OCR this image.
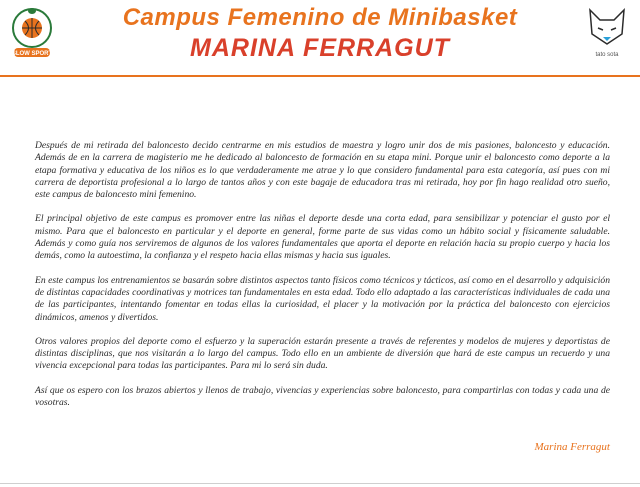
SLOW SPORT
Campus Femenino de Minibasket
MARINA FERRAGUT	tato sota

Después de mi retirada del baloncesto decido centrarme en mis estudios de maestra y logro unir dos de mis pasiones, baloncesto y educación. Además de en la carrera de magisterio me he dedicado al baloncesto de formación en su etapa mini. Porque unir el baloncesto como deporte a la etapa formativa y educativa de los niños es lo que verdaderamente me atrae y lo que considero fundamental para esta categoría, así pues con mi carrera de deportista profesional a lo largo de tantos años y con este bagaje de educadora tras mi retirada, hoy por fin hago realidad otro sueño, este campus de baloncesto mini femenino.

El principal objetivo de este campus es promover entre las niñas el deporte desde una corta edad, para sensibilizar y potenciar el gusto por el mismo. Para que el baloncesto en particular y el deporte en general, forme parte de sus vidas como un hábito social y físicamente saludable. Además y como guía nos serviremos de algunos de los valores fundamentales que aporta el deporte en relación hacia su propio cuerpo y hacia los demás, como la autoestima, la confianza y el respeto hacia ellas mismas y hacia sus iguales.

En este campus los entrenamientos se basarán sobre distintos aspectos tanto físicos como técnicos y tácticos, así como en el desarrollo y adquisición de distintas capacidades coordinativas y motrices tan fundamentales en esta edad. Todo ello adaptado a las características individuales de cada una de las participantes, intentando fomentar en todas ellas la curiosidad, el placer y la motivación por la práctica del baloncesto con ejercicios dinámicos, amenos y divertidos.

Otros valores propios del deporte como el esfuerzo y la superación estarán presente a través de referentes y modelos de mujeres y deportistas de distintas disciplinas, que nos visitarán a lo largo del campus. Todo ello en un ambiente de diversión que hará de este campus un recuerdo y una vivencia excepcional para todas las participantes. Para mi lo será sin duda.

Así que os espero con los brazos abiertos y llenos de trabajo, vivencias y experiencias sobre baloncesto, para compartirlas con todas y cada una de vosotras.

Marina Ferragut
